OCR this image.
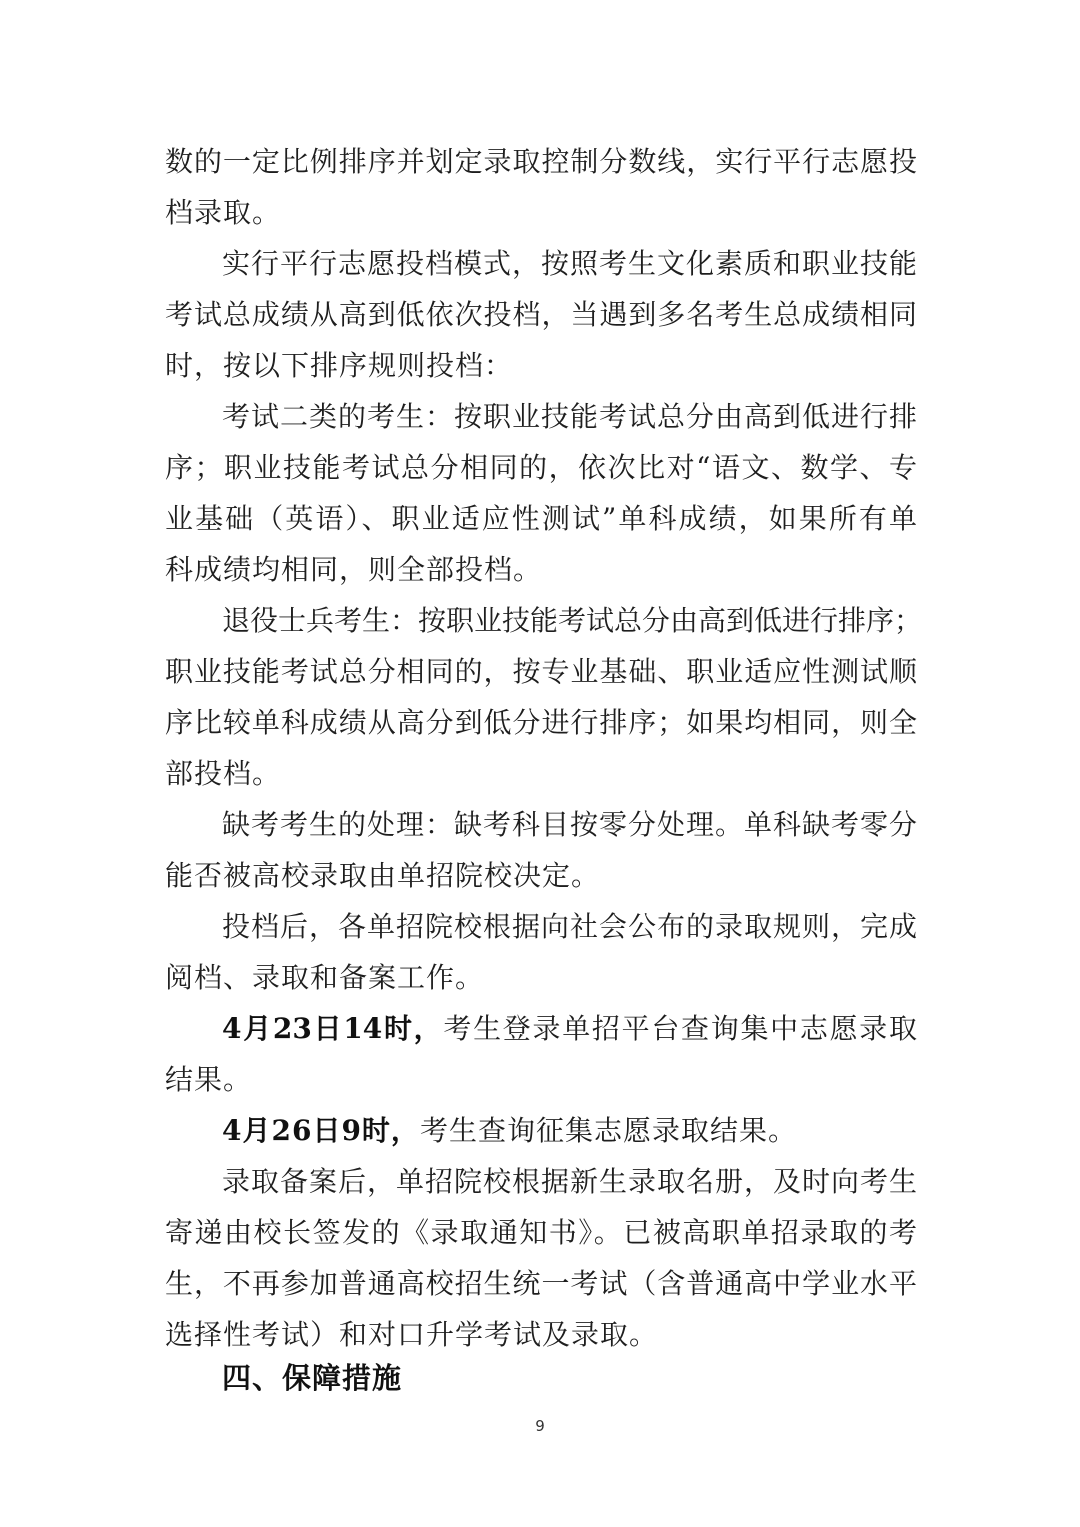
数的一定比例排序并划定录取控制分数线，实行平行志愿投
档录取。
实行平行志愿投档模式，按照考生文化素质和职业技能
考试总成绩从高到低依次投档，当遇到多名考生总成绩相同
时，按以下排序规则投档：
考试二类的考生：按职业技能考试总分由高到低进行排
序；职业技能考试总分相同的，依次比对“语文、数学、专
业基础（英语）、职业适应性测试”单科成绩，如果所有单
科成绩均相同，则全部投档。
退役士兵考生：按职业技能考试总分由高到低进行排序；
职业技能考试总分相同的，按专业基础、职业适应性测试顺
序比较单科成绩从高分到低分进行排序；如果均相同，则全
部投档。
缺考考生的处理：缺考科目按零分处理。单科缺考零分
能否被高校录取由单招院校决定。
投档后，各单招院校根据向社会公布的录取规则，完成
阅档、录取和备案工作。
4月23日14时，考生登录单招平台查询集中志愿录取
结果。
4月26日9时，考生查询征集志愿录取结果。
录取备案后，单招院校根据新生录取名册，及时向考生
寄递由校长签发的《录取通知书》。已被高职单招录取的考
生，不再参加普通高校招生统一考试（含普通高中学业水平
选择性考试）和对口升学考试及录取。
四、保障措施
9
